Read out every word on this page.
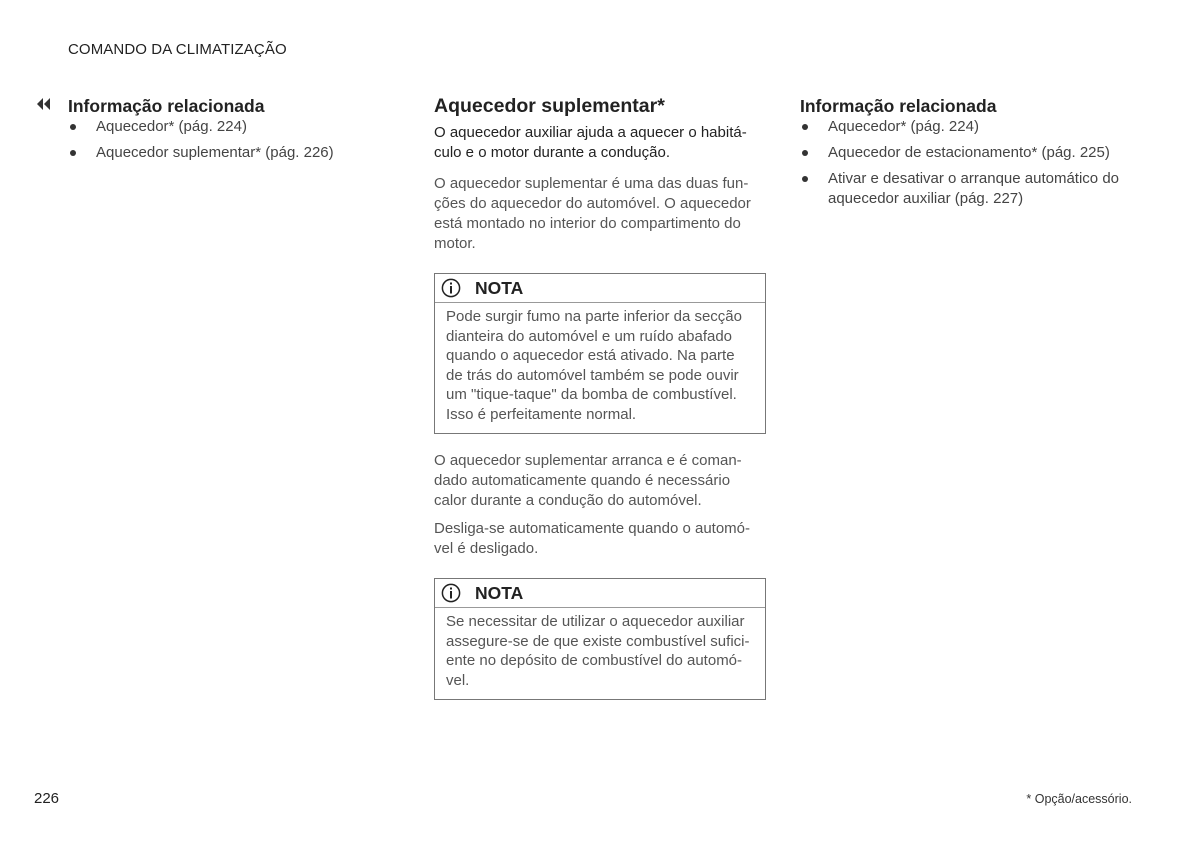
COMANDO DA CLIMATIZAÇÃO
Informação relacionada
Aquecedor* (pág. 224)
Aquecedor suplementar* (pág. 226)
Aquecedor suplementar*

O aquecedor auxiliar ajuda a aquecer o habitá-culo e o motor durante a condução.

O aquecedor suplementar é uma das duas fun-ções do aquecedor do automóvel. O aquecedor está montado no interior do compartimento do motor.

NOTA
Pode surgir fumo na parte inferior da secção dianteira do automóvel e um ruído abafado quando o aquecedor está ativado. Na parte de trás do automóvel também se pode ouvir um "tique-taque" da bomba de combustível. Isso é perfeitamente normal.

O aquecedor suplementar arranca e é coman-dado automaticamente quando é necessário calor durante a condução do automóvel.

Desliga-se automaticamente quando o automó-vel é desligado.

NOTA
Se necessitar de utilizar o aquecedor auxiliar assegure-se de que existe combustível sufici-ente no depósito de combustível do automó-vel.
Informação relacionada
Aquecedor* (pág. 224)
Aquecedor de estacionamento* (pág. 225)
Ativar e desativar o arranque automático do aquecedor auxiliar (pág. 227)
226	* Opção/acessório.
